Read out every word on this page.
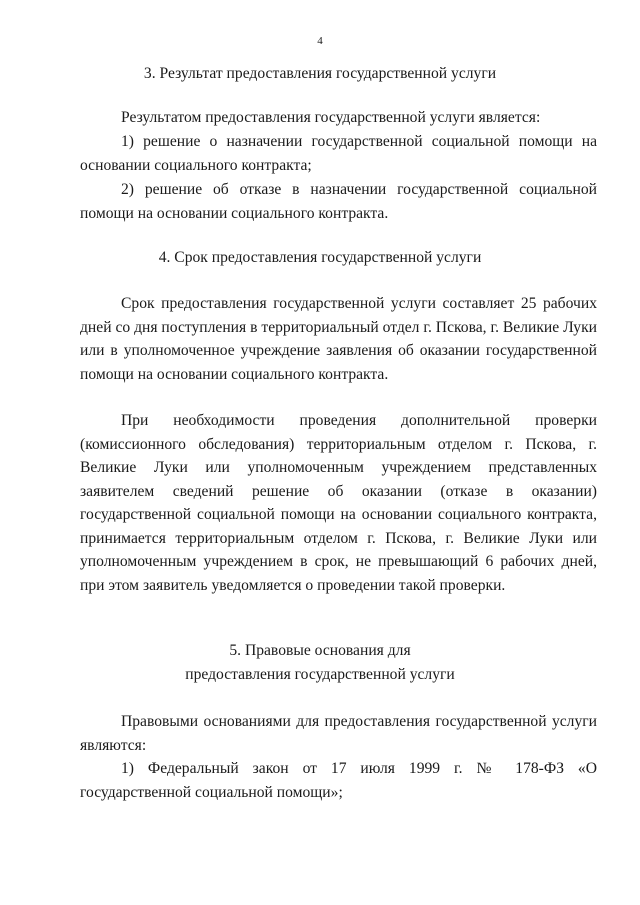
4
3. Результат предоставления государственной услуги

Результатом предоставления государственной услуги является:

1) решение о назначении государственной социальной помощи на основании социального контракта;

2) решение об отказе в назначении государственной социальной помощи на основании социального контракта.

4. Срок предоставления государственной услуги

Срок предоставления государственной услуги составляет 25 рабочих дней со дня поступления в территориальный отдел г. Пскова, г. Великие Луки или в уполномоченное учреждение заявления об оказании государственной помощи на основании социального контракта.

При необходимости проведения дополнительной проверки (комиссионного обследования) территориальным отделом г. Пскова, г. Великие Луки или уполномоченным учреждением представленных заявителем сведений решение об оказании (отказе в оказании) государственной социальной помощи на основании социального контракта, принимается территориальным отделом г. Пскова, г. Великие Луки или уполномоченным учреждением в срок, не превышающий 6 рабочих дней, при этом заявитель уведомляется о проведении такой проверки.

5. Правовые основания для
предоставления государственной услуги

Правовыми основаниями для предоставления государственной услуги являются:

1) Федеральный закон от 17 июля 1999 г. № 178-ФЗ «О государственной социальной помощи»;
